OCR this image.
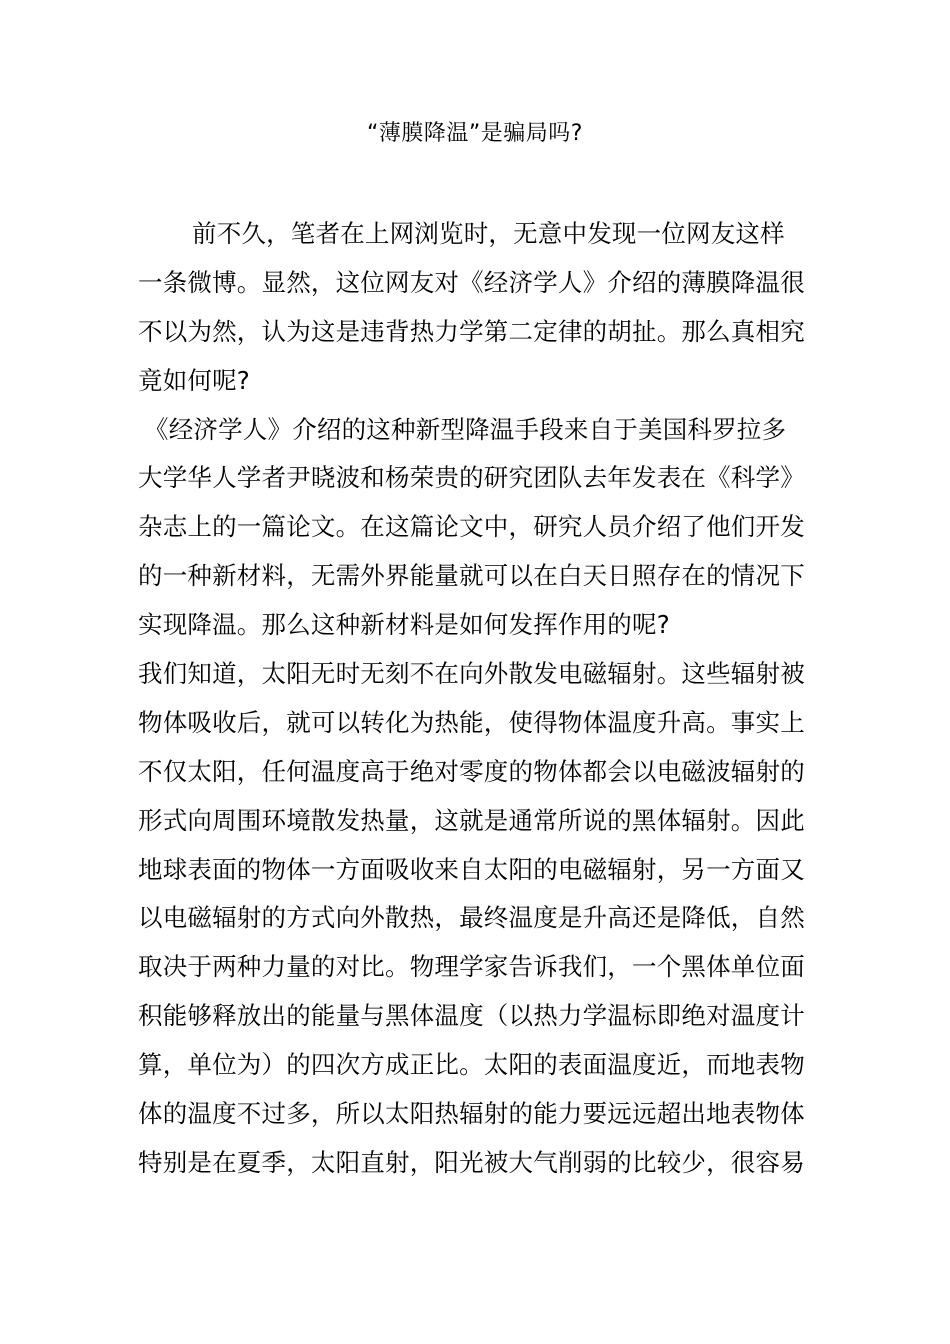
“薄膜降温”是骗局吗?
前不久，笔者在上网浏览时，无意中发现一位网友这样
一条微博。显然，这位网友对《经济学人》介绍的薄膜降温很
不以为然，认为这是违背热力学第二定律的胡扯。那么真相究
竟如何呢?
《经济学人》介绍的这种新型降温手段来自于美国科罗拉多
大学华人学者尹晓波和杨荣贵的研究团队去年发表在《科学》
杂志上的一篇论文。在这篇论文中，研究人员介绍了他们开发
的一种新材料，无需外界能量就可以在白天日照存在的情况下
实现降温。那么这种新材料是如何发挥作用的呢?
我们知道，太阳无时无刻不在向外散发电磁辐射。这些辐射被
物体吸收后，就可以转化为热能，使得物体温度升高。事实上
不仅太阳，任何温度高于绝对零度的物体都会以电磁波辐射的
形式向周围环境散发热量，这就是通常所说的黑体辐射。因此
地球表面的物体一方面吸收来自太阳的电磁辐射，另一方面又
以电磁辐射的方式向外散热，最终温度是升高还是降低，自然
取决于两种力量的对比。物理学家告诉我们，一个黑体单位面
积能够释放出的能量与黑体温度（以热力学温标即绝对温度计
算，单位为）的四次方成正比。太阳的表面温度近，而地表物
体的温度不过多，所以太阳热辐射的能力要远远超出地表物体
特别是在夏季，太阳直射，阳光被大气削弱的比较少，很容易
